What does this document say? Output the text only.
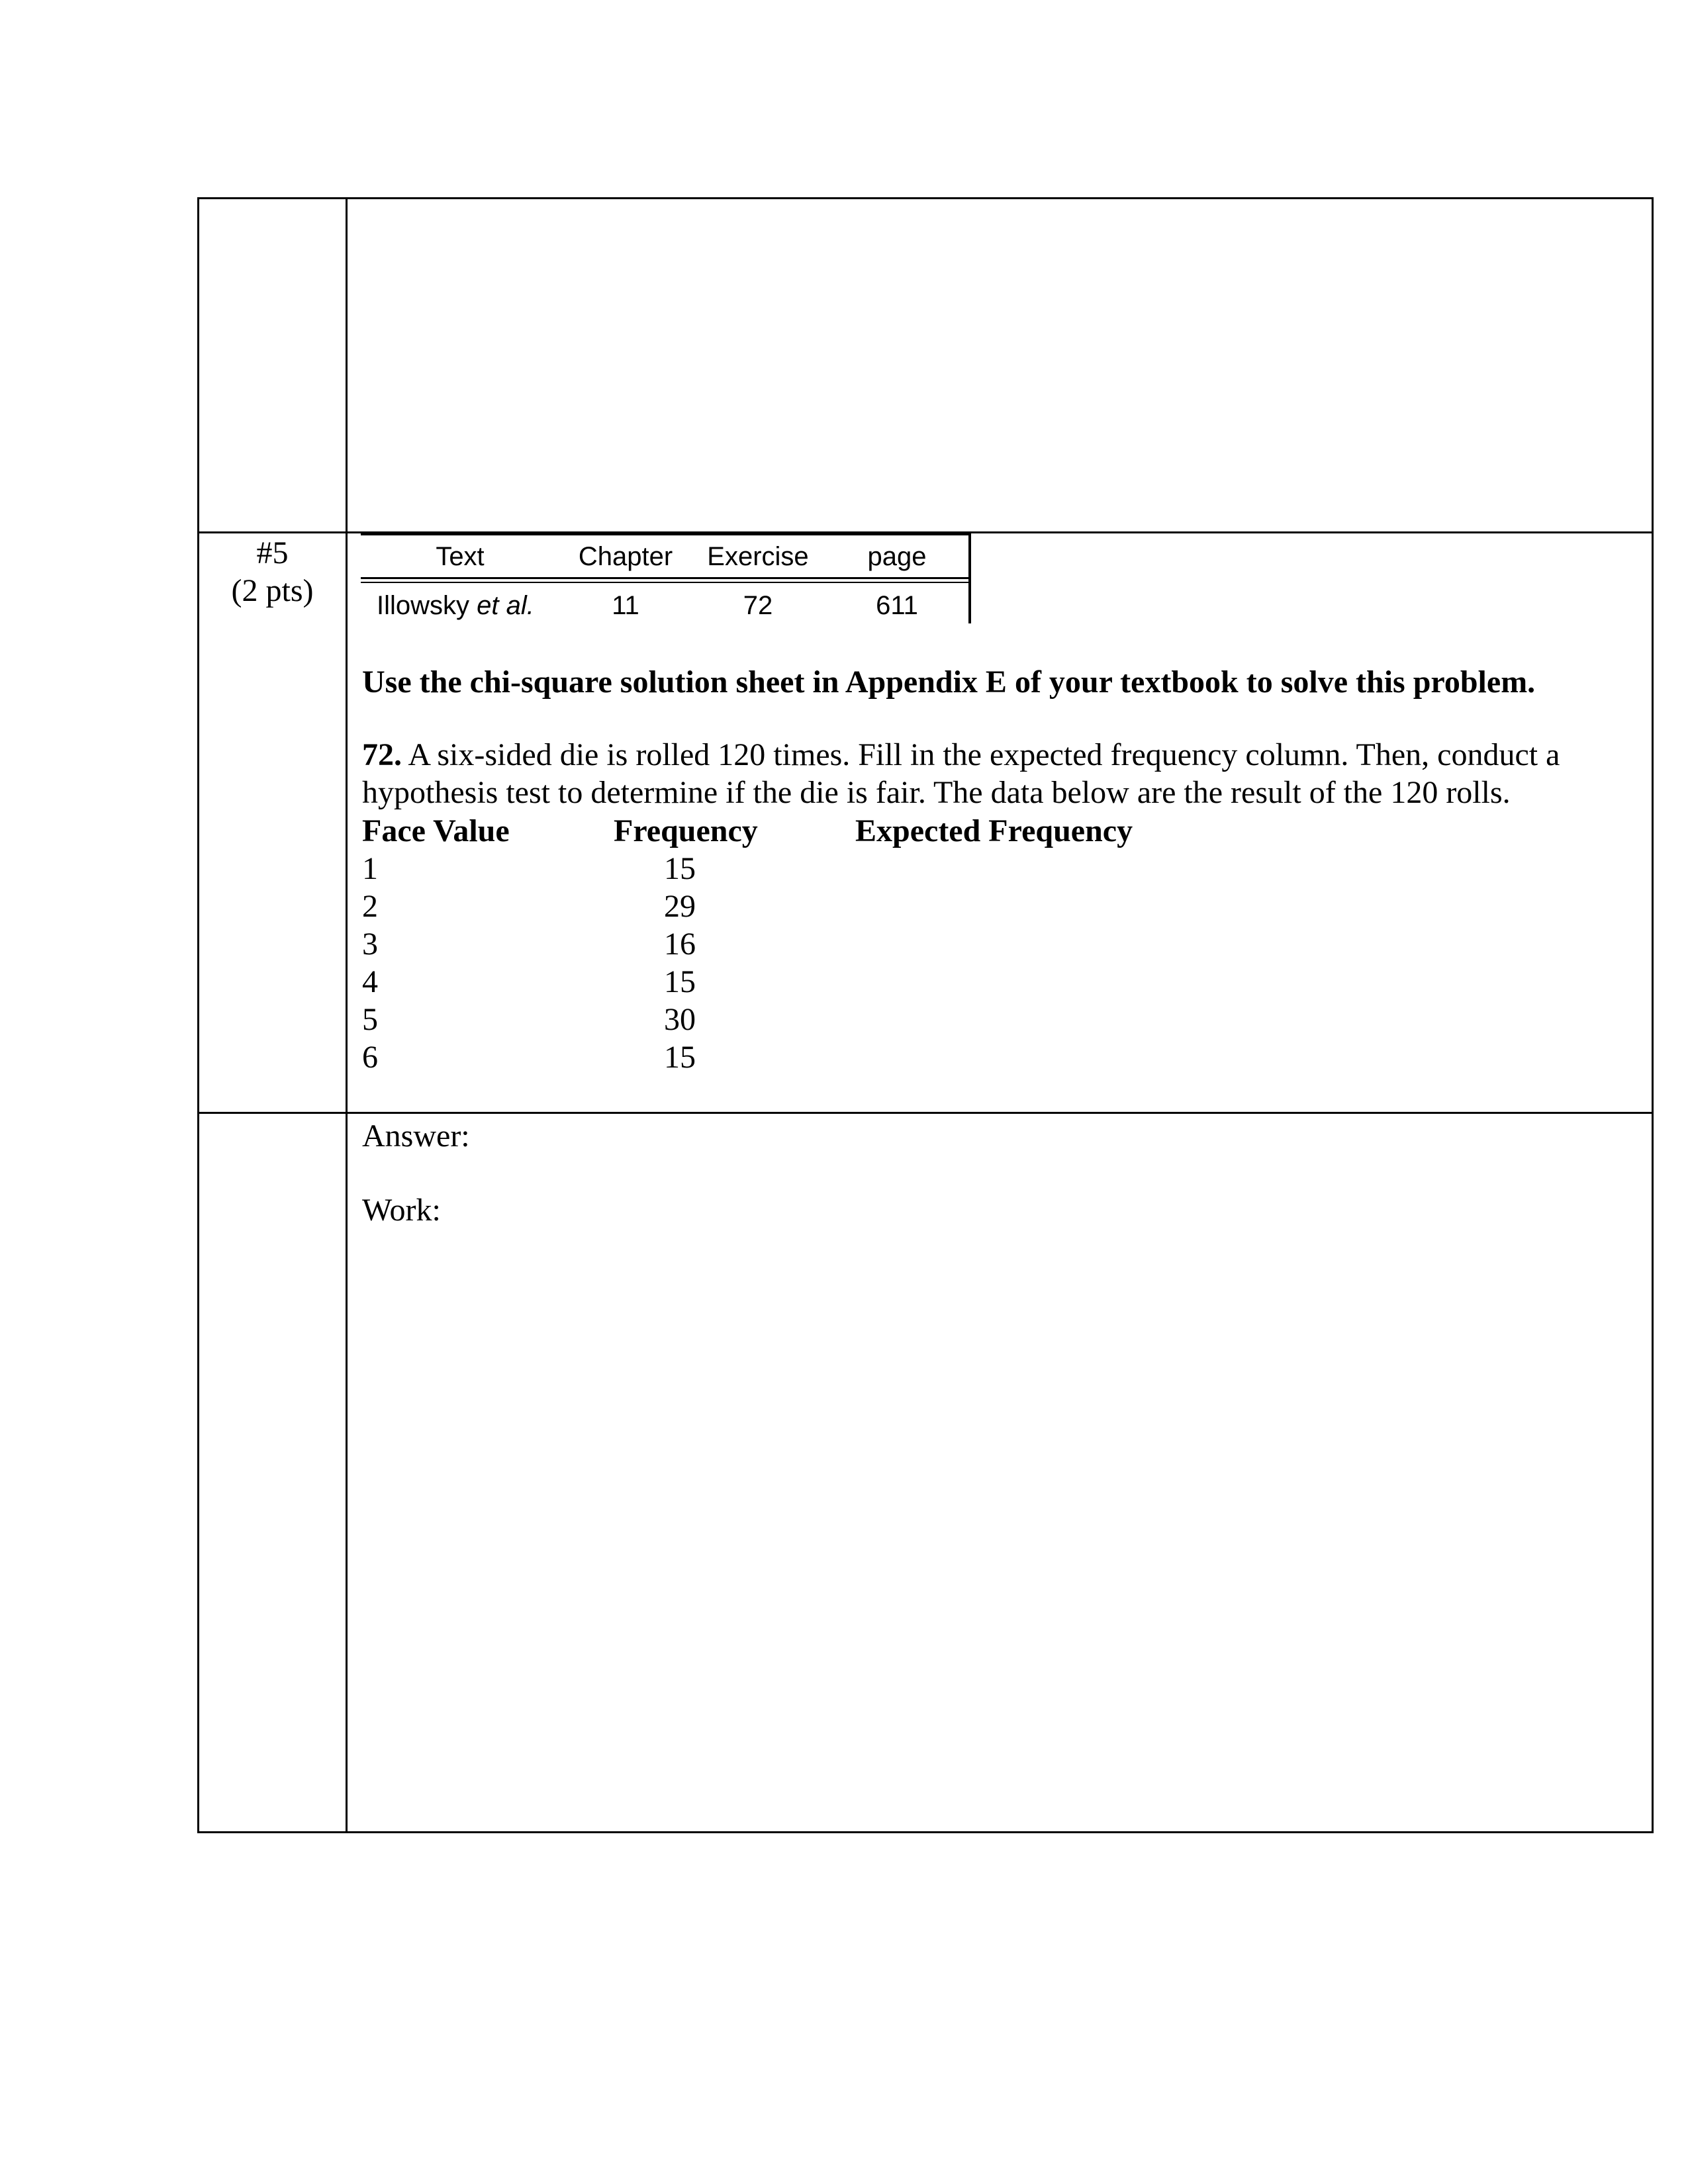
#5
(2 pts)
Text	Chapter	Exercise	page
Illowsky et al.	11	72	611
Use the chi-square solution sheet in Appendix E of your textbook to solve this problem.
72. A six-sided die is rolled 120 times. Fill in the expected frequency column. Then, conduct a hypothesis test to determine if the die is fair. The data below are the result of the 120 rolls.
Face Value	Frequency	Expected Frequency
1	15
2	29
3	16
4	15
5	30
6	15
Answer:
Work:
